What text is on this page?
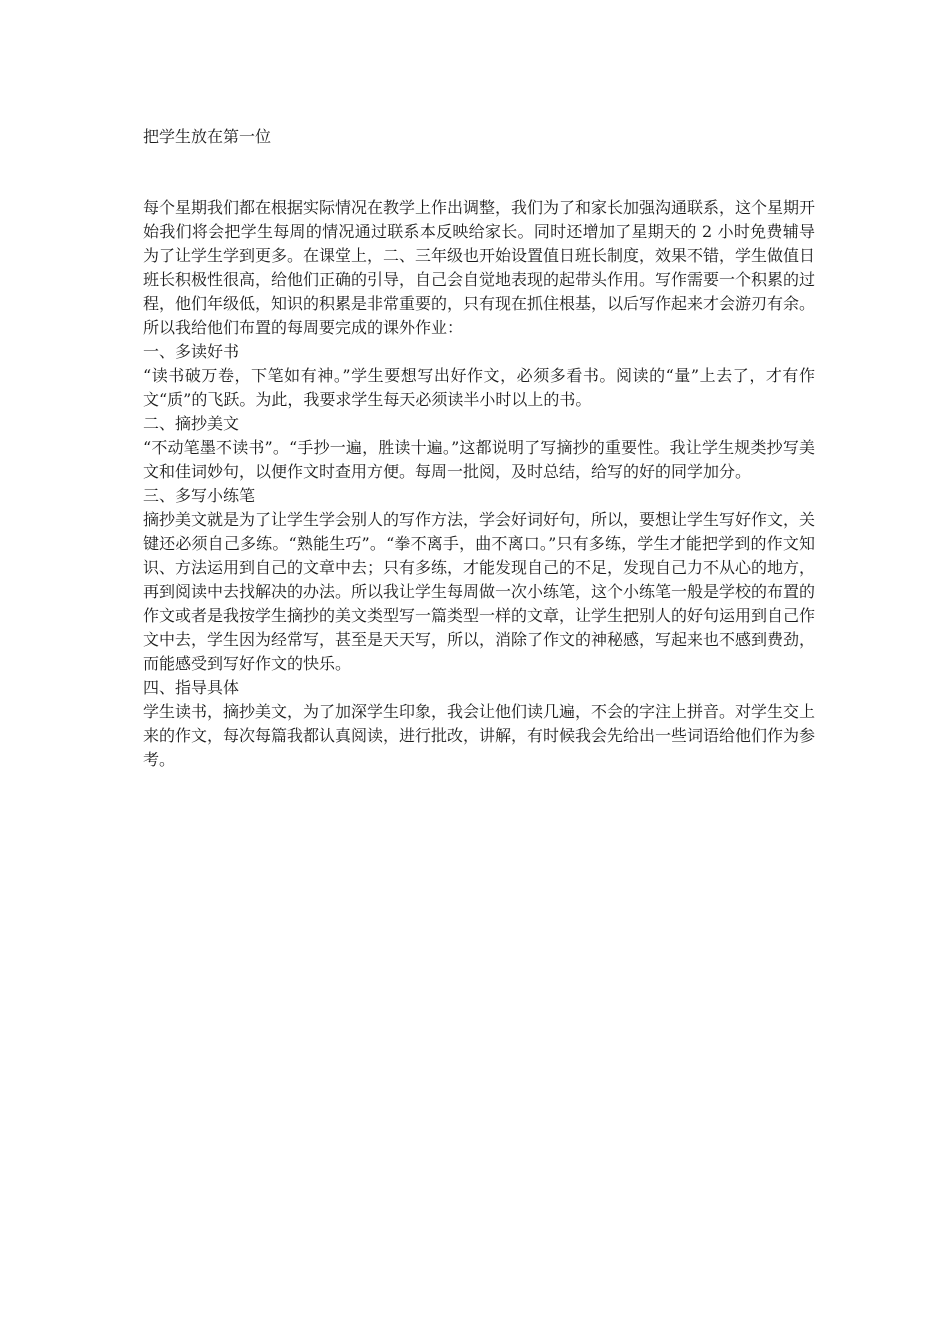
把学生放在第一位

每个星期我们都在根据实际情况在教学上作出调整，我们为了和家长加强沟通联系，这个星期开始我们将会把学生每周的情况通过联系本反映给家长。同时还增加了星期天的 2 小时免费辅导为了让学生学到更多。在课堂上，二、三年级也开始设置值日班长制度，效果不错，学生做值日班长积极性很高，给他们正确的引导，自己会自觉地表现的起带头作用。写作需要一个积累的过程，他们年级低，知识的积累是非常重要的，只有现在抓住根基，以后写作起来才会游刃有余。所以我给他们布置的每周要完成的课外作业：

一、多读好书

“读书破万卷，下笔如有神。”学生要想写出好作文，必须多看书。阅读的“量”上去了，才有作文“质”的飞跃。为此，我要求学生每天必须读半小时以上的书。

二、摘抄美文

“不动笔墨不读书”。“手抄一遍，胜读十遍。”这都说明了写摘抄的重要性。我让学生规类抄写美文和佳词妙句，以便作文时查用方便。每周一批阅，及时总结，给写的好的同学加分。

三、多写小练笔

摘抄美文就是为了让学生学会别人的写作方法，学会好词好句，所以，要想让学生写好作文，关键还必须自己多练。“熟能生巧”。“拳不离手，曲不离口。”只有多练，学生才能把学到的作文知识、方法运用到自己的文章中去；只有多练，才能发现自己的不足，发现自己力不从心的地方，再到阅读中去找解决的办法。所以我让学生每周做一次小练笔，这个小练笔一般是学校的布置的作文或者是我按学生摘抄的美文类型写一篇类型一样的文章，让学生把别人的好句运用到自己作文中去，学生因为经常写，甚至是天天写，所以，消除了作文的神秘感，写起来也不感到费劲，而能感受到写好作文的快乐。

四、指导具体

学生读书，摘抄美文，为了加深学生印象，我会让他们读几遍，不会的字注上拼音。对学生交上来的作文，每次每篇我都认真阅读，进行批改，讲解，有时候我会先给出一些词语给他们作为参考。
